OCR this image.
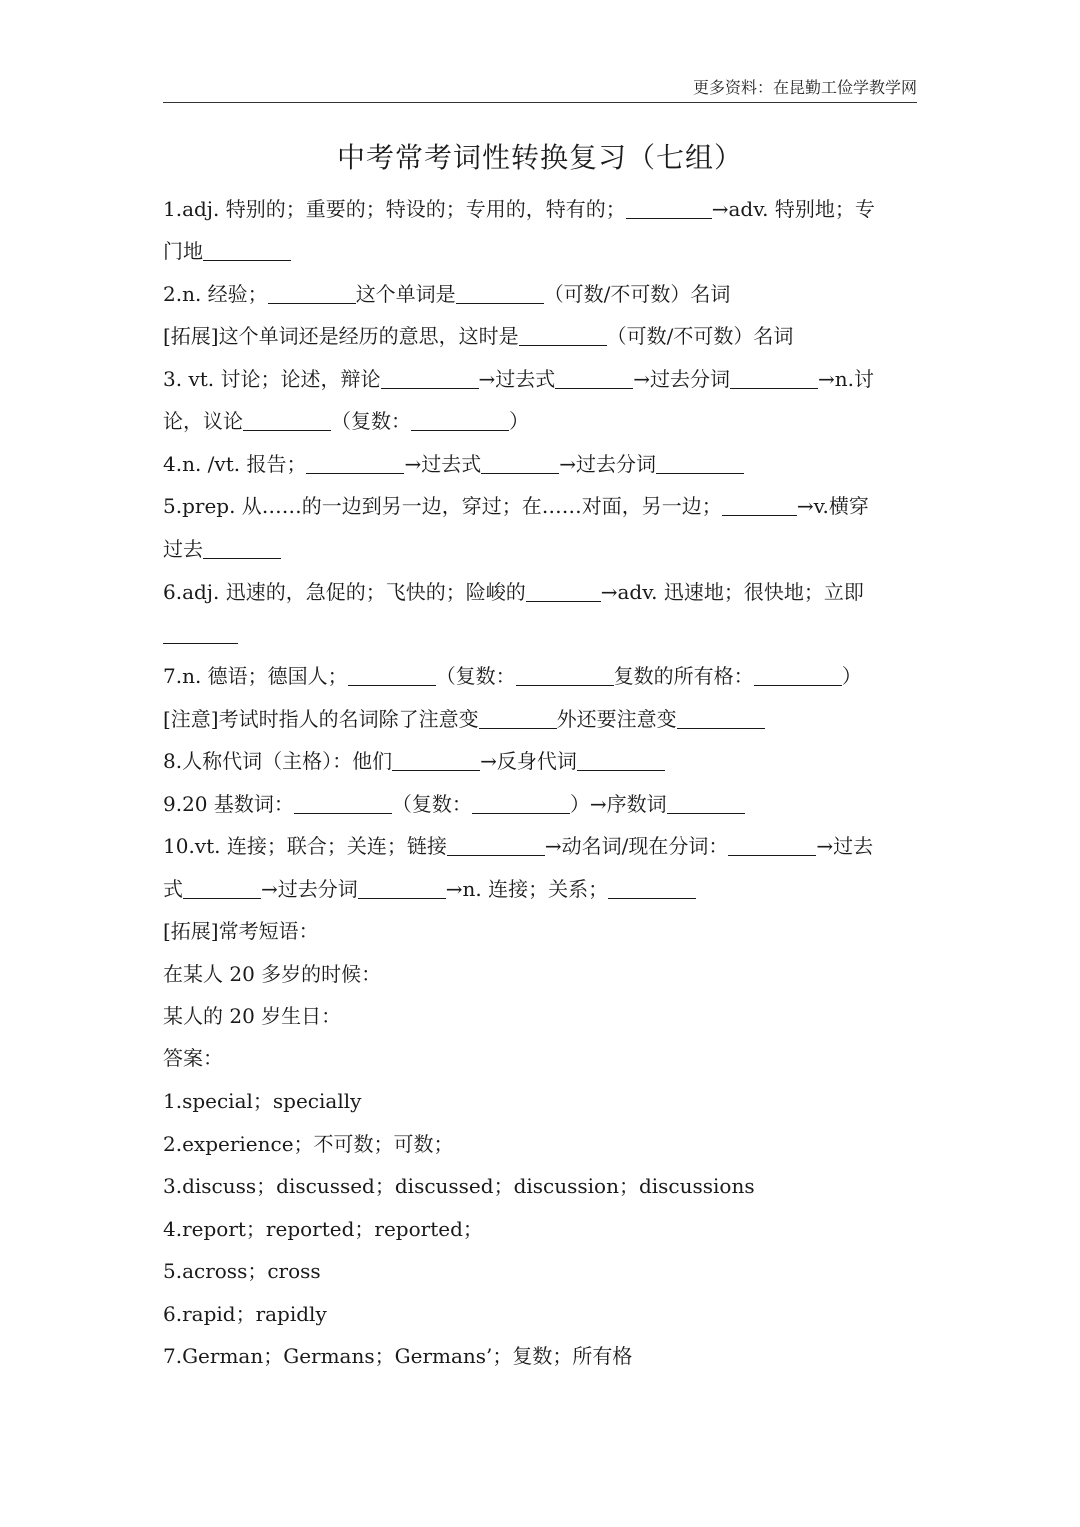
更多资料：在昆勤工俭学教学网
中考常考词性转换复习（七组）
1.adj. 特别的；重要的；特设的；专用的，特有的；	→adv. 特别地；专
门地
2.n. 经验；	这个单词是	（可数/不可数）名词
[拓展]这个单词还是经历的意思，这时是	（可数/不可数）名词
3. vt. 讨论；论述，辩论	→过去式	→过去分词	→n.讨
论，议论	（复数：	）
4.n. /vt. 报告；	→过去式	→过去分词
5.prep. 从……的一边到另一边，穿过；在……对面，另一边；	→v.横穿
过去
6.adj. 迅速的，急促的；飞快的；险峻的	→adv. 迅速地；很快地；立即
7.n. 德语；德国人；	（复数：	复数的所有格：	）
[注意]考试时指人的名词除了注意变	外还要注意变
8.人称代词（主格）：他们	→反身代词
9.20 基数词：	（复数：	）→序数词
10.vt. 连接；联合；关连；链接	→动名词/现在分词：	→过去
式	→过去分词	→n. 连接；关系；
[拓展]常考短语：
在某人 20 多岁的时候：
某人的 20 岁生日：
答案：
1.special；specially
2.experience；不可数；可数；
3.discuss；discussed；discussed；discussion；discussions
4.report；reported；reported；
5.across；cross
6.rapid；rapidly
7.German；Germans；Germans’；复数；所有格
